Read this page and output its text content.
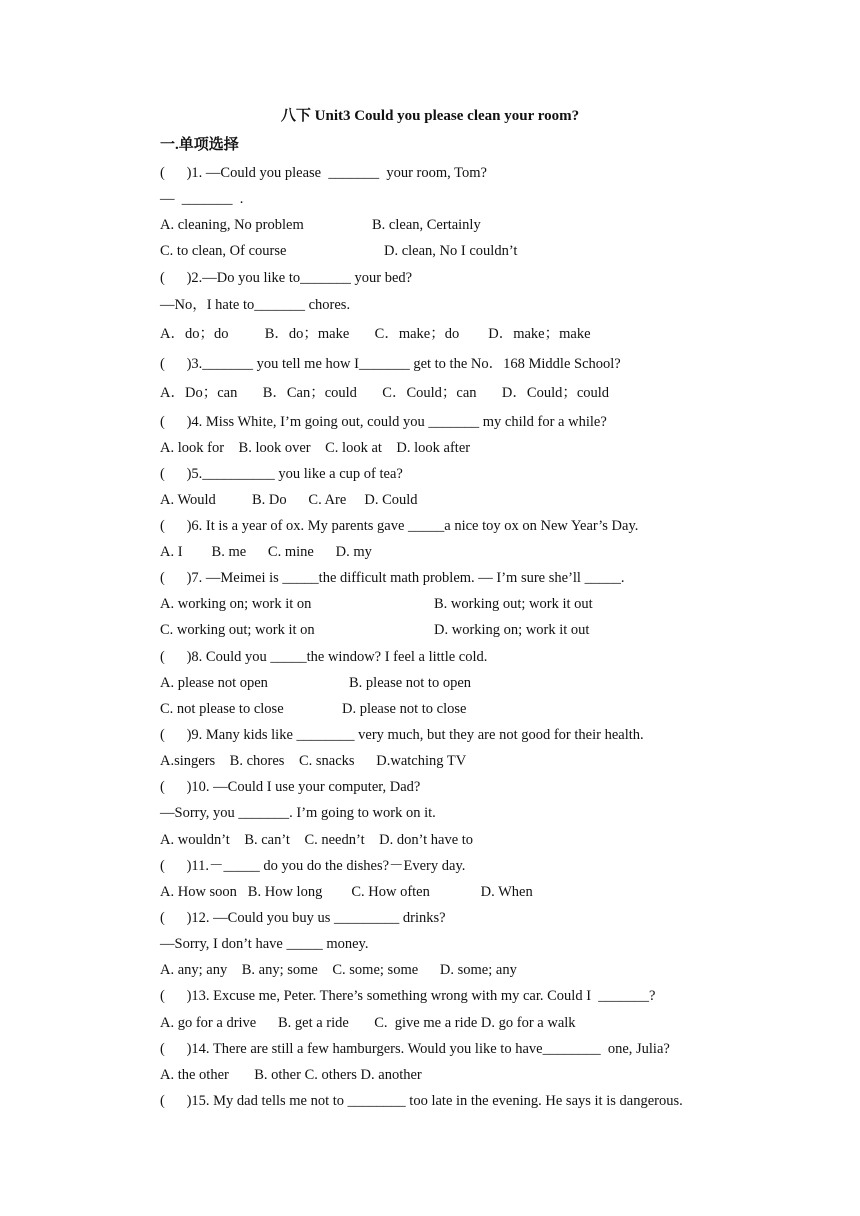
八下 Unit3 Could you please clean your room?
一.单项选择
(      )1. —Could you please  _______  your room, Tom?
—  _______  .
A. cleaning, No problem	B. clean, Certainly
C. to clean, Of course	D. clean, No I couldn’t
(      )2.—Do you like to_______ your bed?
—No，I hate to_______ chores.
A．do；do          B．do；make       C．make；do        D．make；make
(      )3._______ you tell me how I_______ get to the No．168 Middle School?
A．Do；can       B．Can；could       C．Could；can       D．Could；could
(      )4. Miss White, I’m going out, could you _______ my child for a while?
A. look for    B. look over    C. look at    D. look after
(      )5.__________ you like a cup of tea?
A. Would          B. Do      C. Are     D. Could
(      )6. It is a year of ox. My parents gave _____a nice toy ox on New Year’s Day.
A. I        B. me      C. mine      D. my
(      )7. —Meimei is _____the difficult math problem. — I’m sure she’ll _____.
A. working on; work it on	B. working out; work it out
C. working out; work it on	D. working on; work it out
(      )8. Could you _____the window? I feel a little cold.
A. please not open	B. please not to open
C. not please to close	D. please not to close
(      )9. Many kids like ________ very much, but they are not good for their health.
A.singers    B. chores    C. snacks      D.watching TV
(      )10. —Could I use your computer, Dad?
—Sorry, you _______. I’m going to work on it.
A. wouldn’t    B. can’t    C. needn’t    D. don’t have to
(      )11.－_____ do you do the dishes?－Every day.
A. How soon   B. How long        C. How often              D. When
(      )12. —Could you buy us _________ drinks?
—Sorry, I don’t have _____ money.
A. any; any    B. any; some    C. some; some      D. some; any
(      )13. Excuse me, Peter. There’s something wrong with my car. Could I  _______?
A. go for a drive      B. get a ride       C.  give me a ride D. go for a walk
(      )14. There are still a few hamburgers. Would you like to have________  one, Julia?
A. the other       B. other C. others D. another
(      )15. My dad tells me not to ________ too late in the evening. He says it is dangerous.
